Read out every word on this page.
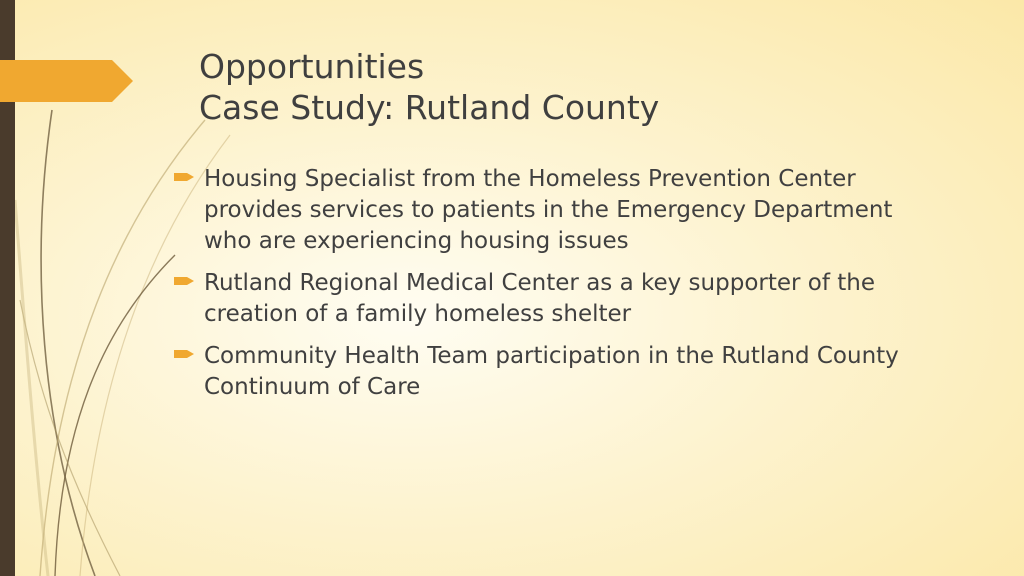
Opportunities
Case Study: Rutland County
Housing Specialist from the Homeless Prevention Center provides services to patients in the Emergency Department who are experiencing housing issues
Rutland Regional Medical Center as a key supporter of the creation of a family homeless shelter
Community Health Team participation in the Rutland County Continuum of Care
